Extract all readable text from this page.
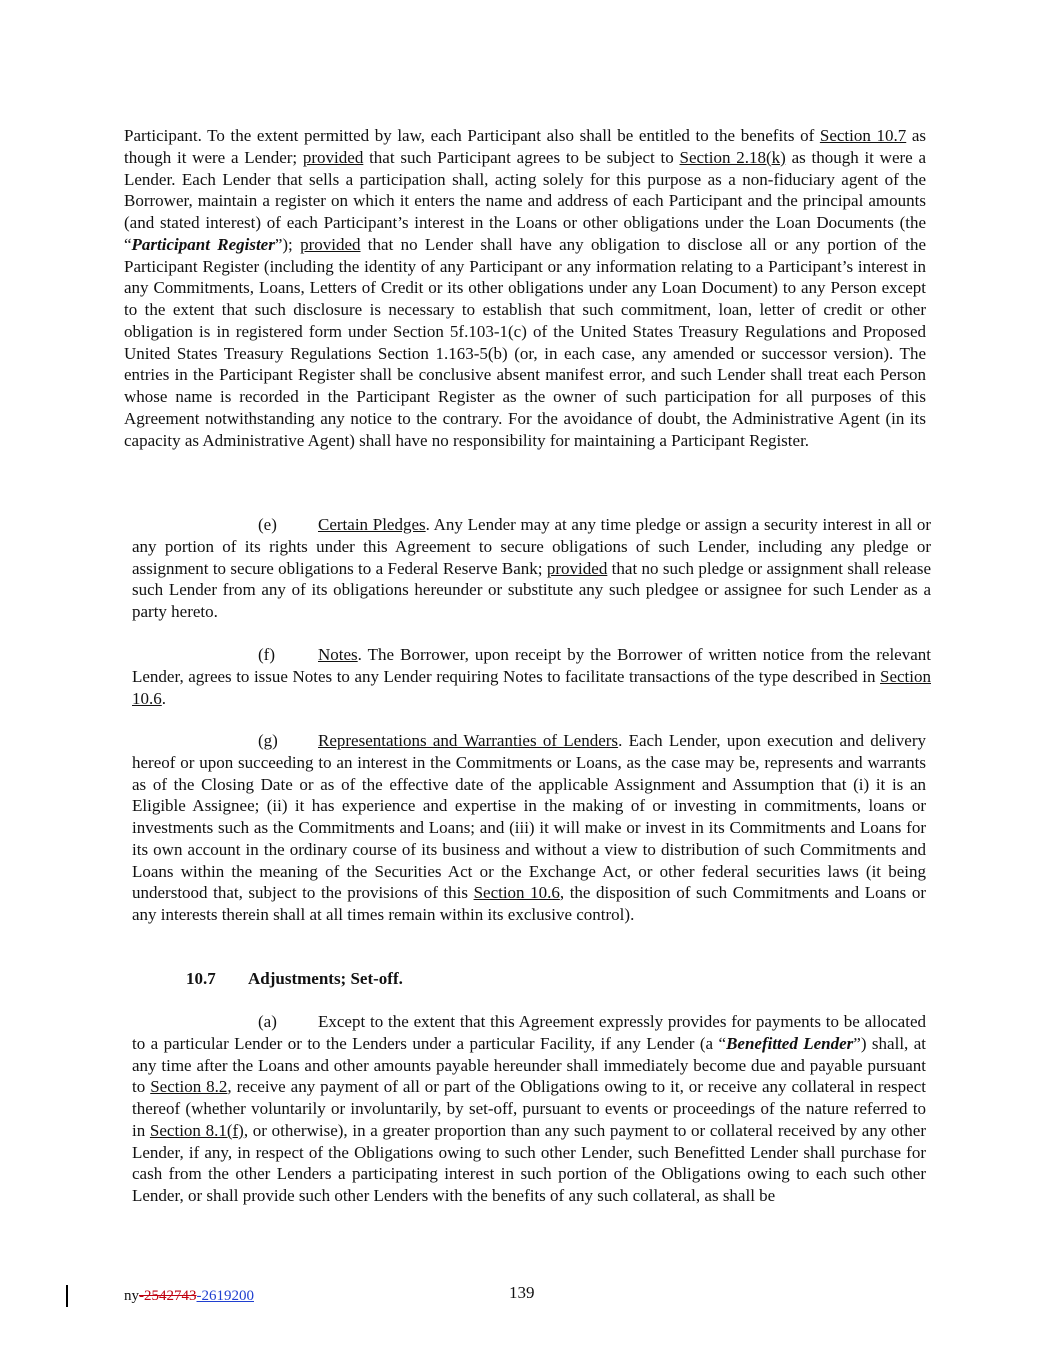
Participant. To the extent permitted by law, each Participant also shall be entitled to the benefits of Section 10.7 as though it were a Lender; provided that such Participant agrees to be subject to Section 2.18(k) as though it were a Lender. Each Lender that sells a participation shall, acting solely for this purpose as a non-fiduciary agent of the Borrower, maintain a register on which it enters the name and address of each Participant and the principal amounts (and stated interest) of each Participant’s interest in the Loans or other obligations under the Loan Documents (the “Participant Register”); provided that no Lender shall have any obligation to disclose all or any portion of the Participant Register (including the identity of any Participant or any information relating to a Participant’s interest in any Commitments, Loans, Letters of Credit or its other obligations under any Loan Document) to any Person except to the extent that such disclosure is necessary to establish that such commitment, loan, letter of credit or other obligation is in registered form under Section 5f.103-1(c) of the United States Treasury Regulations and Proposed United States Treasury Regulations Section 1.163-5(b) (or, in each case, any amended or successor version). The entries in the Participant Register shall be conclusive absent manifest error, and such Lender shall treat each Person whose name is recorded in the Participant Register as the owner of such participation for all purposes of this Agreement notwithstanding any notice to the contrary. For the avoidance of doubt, the Administrative Agent (in its capacity as Administrative Agent) shall have no responsibility for maintaining a Participant Register.

(e) Certain Pledges. Any Lender may at any time pledge or assign a security interest in all or any portion of its rights under this Agreement to secure obligations of such Lender, including any pledge or assignment to secure obligations to a Federal Reserve Bank; provided that no such pledge or assignment shall release such Lender from any of its obligations hereunder or substitute any such pledgee or assignee for such Lender as a party hereto.

(f)	Notes. The Borrower, upon receipt by the Borrower of written notice from the relevant Lender, agrees to issue Notes to any Lender requiring Notes to facilitate transactions of the type described in Section 10.6.

(g) Representations and Warranties of Lenders. Each Lender, upon execution and delivery hereof or upon succeeding to an interest in the Commitments or Loans, as the case may be, represents and warrants as of the Closing Date or as of the effective date of the applicable Assignment and Assumption that (i) it is an Eligible Assignee; (ii) it has experience and expertise in the making of or investing in commitments, loans or investments such as the Commitments and Loans; and (iii) it will make or invest in its Commitments and Loans for its own account in the ordinary course of its business and without a view to distribution of such Commitments and Loans within the meaning of the Securities Act or the Exchange Act, or other federal securities laws (it being understood that, subject to the provisions of this Section 10.6, the disposition of such Commitments and Loans or any interests therein shall at all times remain within its exclusive control).

10.7 Adjustments; Set-off.

(a) Except to the extent that this Agreement expressly provides for payments to be allocated to a particular Lender or to the Lenders under a particular Facility, if any Lender (a “Benefitted Lender”) shall, at any time after the Loans and other amounts payable hereunder shall immediately become due and payable pursuant to Section 8.2, receive any payment of all or part of the Obligations owing to it, or receive any collateral in respect thereof (whether voluntarily or involuntarily, by set-off, pursuant to events or proceedings of the nature referred to in Section 8.1(f), or otherwise), in a greater proportion than any such payment to or collateral received by any other Lender, if any, in respect of the Obligations owing to such other Lender, such Benefitted Lender shall purchase for cash from the other Lenders a participating interest in such portion of the Obligations owing to each such other Lender, or shall provide such other Lenders with the benefits of any such collateral, as shall be

ny-2542743-2619200	139
